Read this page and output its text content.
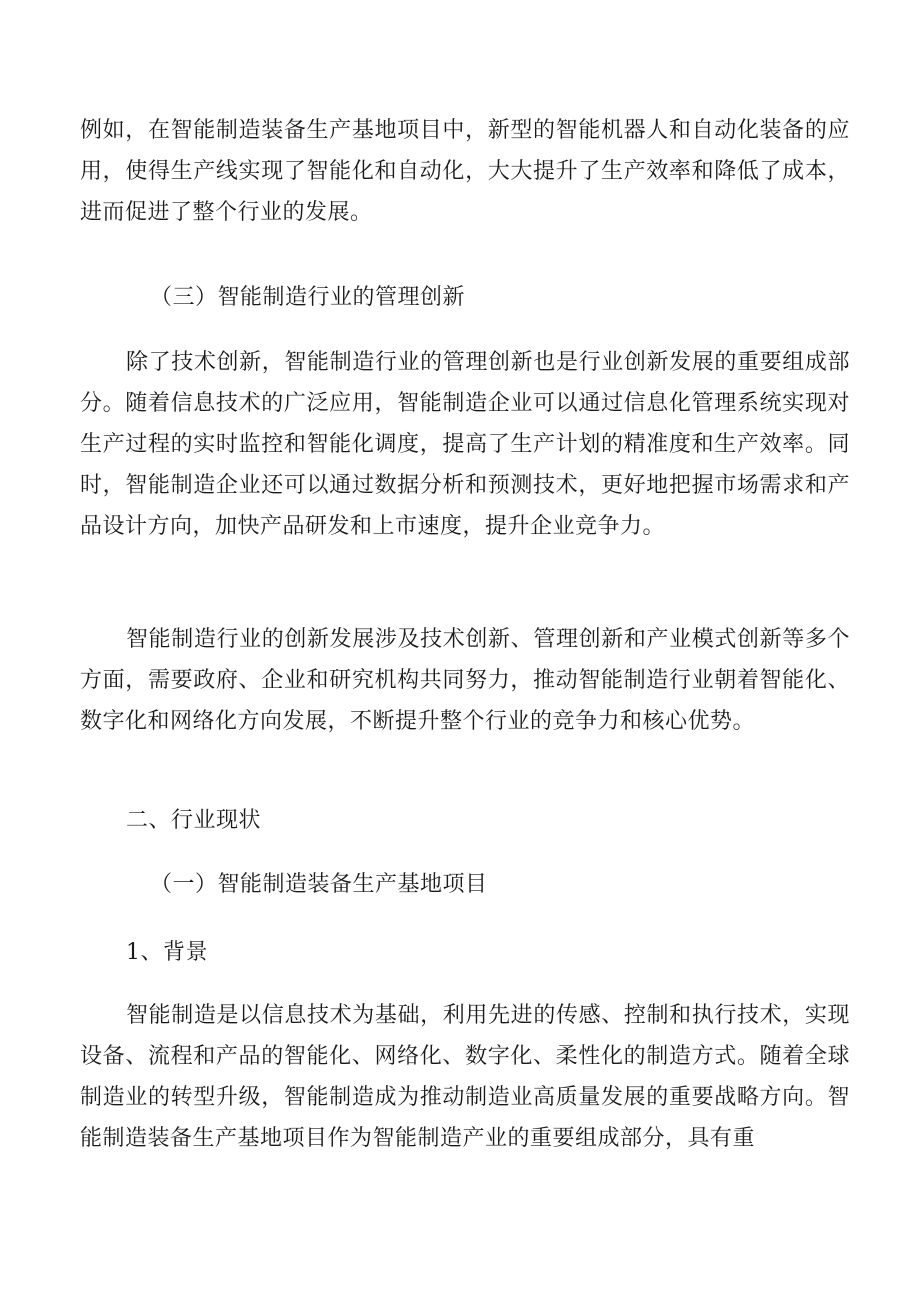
例如，在智能制造装备生产基地项目中，新型的智能机器人和自动化装备的应用，使得生产线实现了智能化和自动化，大大提升了生产效率和降低了成本，进而促进了整个行业的发展。

（三）智能制造行业的管理创新

除了技术创新，智能制造行业的管理创新也是行业创新发展的重要组成部分。随着信息技术的广泛应用，智能制造企业可以通过信息化管理系统实现对生产过程的实时监控和智能化调度，提高了生产计划的精准度和生产效率。同时，智能制造企业还可以通过数据分析和预测技术，更好地把握市场需求和产品设计方向，加快产品研发和上市速度，提升企业竞争力。

智能制造行业的创新发展涉及技术创新、管理创新和产业模式创新等多个方面，需要政府、企业和研究机构共同努力，推动智能制造行业朝着智能化、数字化和网络化方向发展，不断提升整个行业的竞争力和核心优势。

二、行业现状

（一）智能制造装备生产基地项目

1、背景

智能制造是以信息技术为基础，利用先进的传感、控制和执行技术，实现设备、流程和产品的智能化、网络化、数字化、柔性化的制造方式。随着全球制造业的转型升级，智能制造成为推动制造业高质量发展的重要战略方向。智能制造装备生产基地项目作为智能制造产业的重要组成部分，具有重
